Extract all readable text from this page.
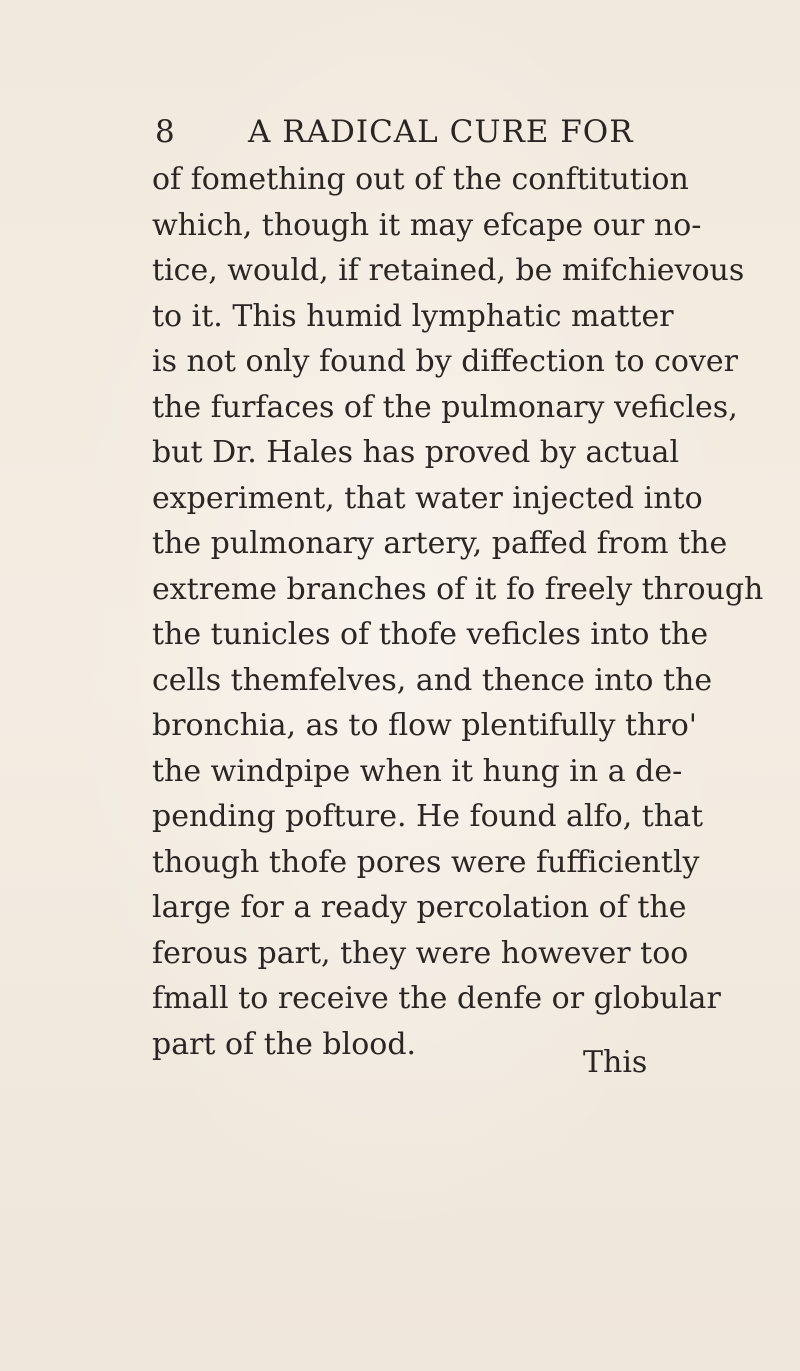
8 A RADICAL CURE FOR
of fomething out of the conftitution
which, though it may efcape our no-
tice, would, if retained, be mifchievous
to it. This humid lymphatic matter
is not only found by diffection to cover
the furfaces of the pulmonary veficles,
but Dr. Hales has proved by actual
experiment, that water injected into
the pulmonary artery, paffed from the
extreme branches of it fo freely through
the tunicles of thofe veficles into the
cells themfelves, and thence into the
bronchia, as to flow plentifully thro'
the windpipe when it hung in a de-
pending pofture. He found alfo, that
though thofe pores were fufficiently
large for a ready percolation of the
ferous part, they were however too
fmall to receive the denfe or globular
part of the blood.
This
